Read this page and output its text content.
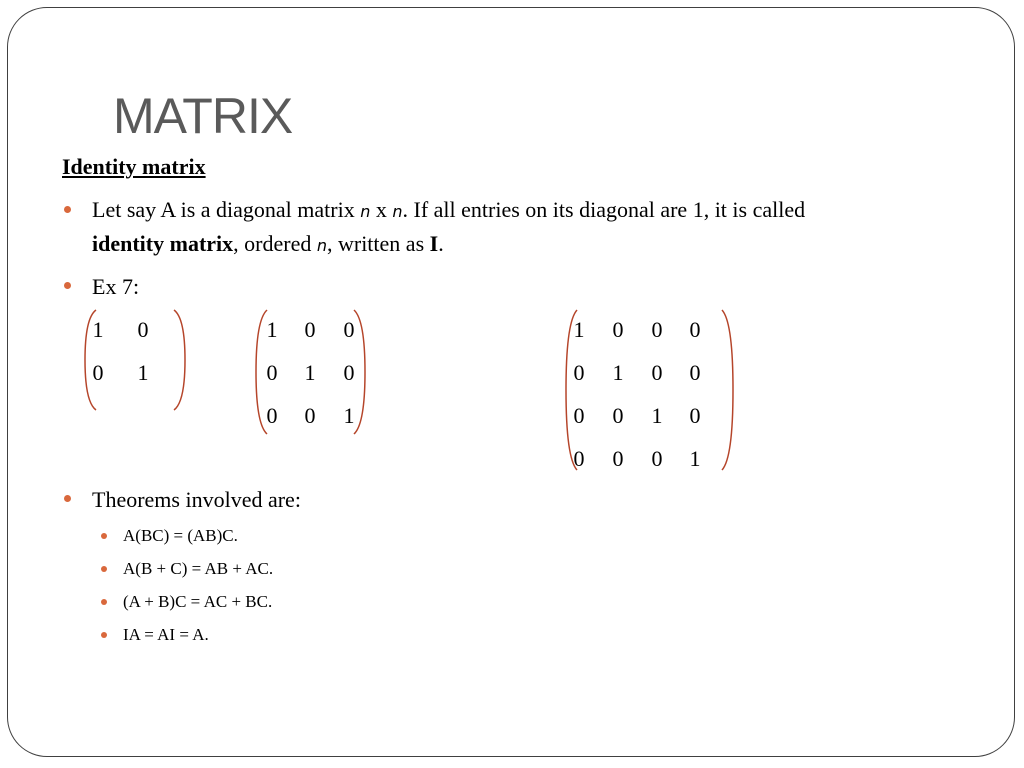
MATRIX
Identity matrix
Let say A is a diagonal matrix n x n. If all entries on its diagonal are 1, it is called
identity matrix, ordered n, written as I.
Ex 7:
1 0
0 1
1 0 0
0 1 0
0 0 1
1 0 0 0
0 1 0 0
0 0 1 0
0 0 0 1
Theorems involved are:
A(BC) = (AB)C.
A(B + C) = AB + AC.
(A + B)C = AC + BC.
IA = AI = A.
